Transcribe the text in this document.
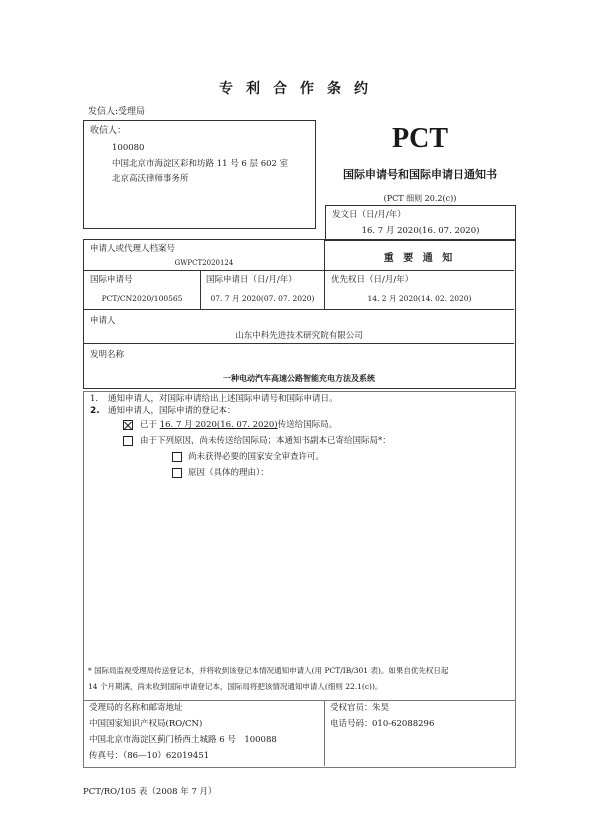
专利合作条约
发信人:受理局
收信人：
100080
中国北京市海淀区彩和坊路 11 号 6 层 602 室
北京高沃律师事务所
PCT
国际申请号和国际申请日通知书
(PCT 细则 20.2(c))
发文日（日/月/年）
16. 7 月 2020(16. 07. 2020)
申请人或代理人档案号
GWPCT2020124	重 要 通 知
国际申请号
PCT/CN2020/100565
国际申请日（日/月/年）
07. 7 月 2020(07. 07. 2020)
优先权日（日/月/年）
14. 2 月 2020(14. 02. 2020)
申请人
山东中科先进技术研究院有限公司
发明名称
一种电动汽车高速公路智能充电方法及系统
1. 通知申请人，对国际申请给出上述国际申请号和国际申请日。
2. 通知申请人，国际申请的登记本：
已于 16. 7 月 2020(16. 07. 2020)传送给国际局。
由于下列原因，尚未传送给国际局；本通知书副本已寄给国际局*：
尚未获得必要的国家安全审查许可。
原因（具体的理由）：
* 国际局监视受理局传送登记本，并将收到该登记本情况通知申请人(用 PCT/IB/301 表)。如果自优先权日起
14 个月期满，尚未收到国际申请登记本，国际局将把该情况通知申请人(细则 22.1(c))。
受理局的名称和邮寄地址
中国国家知识产权局(RO/CN)
中国北京市海淀区蓟门桥西土城路 6 号　100088
传真号：（86—10）62019451
受权官员： 朱昊
电话号码： 010-62088296
PCT/RO/105 表（2008 年 7 月）
